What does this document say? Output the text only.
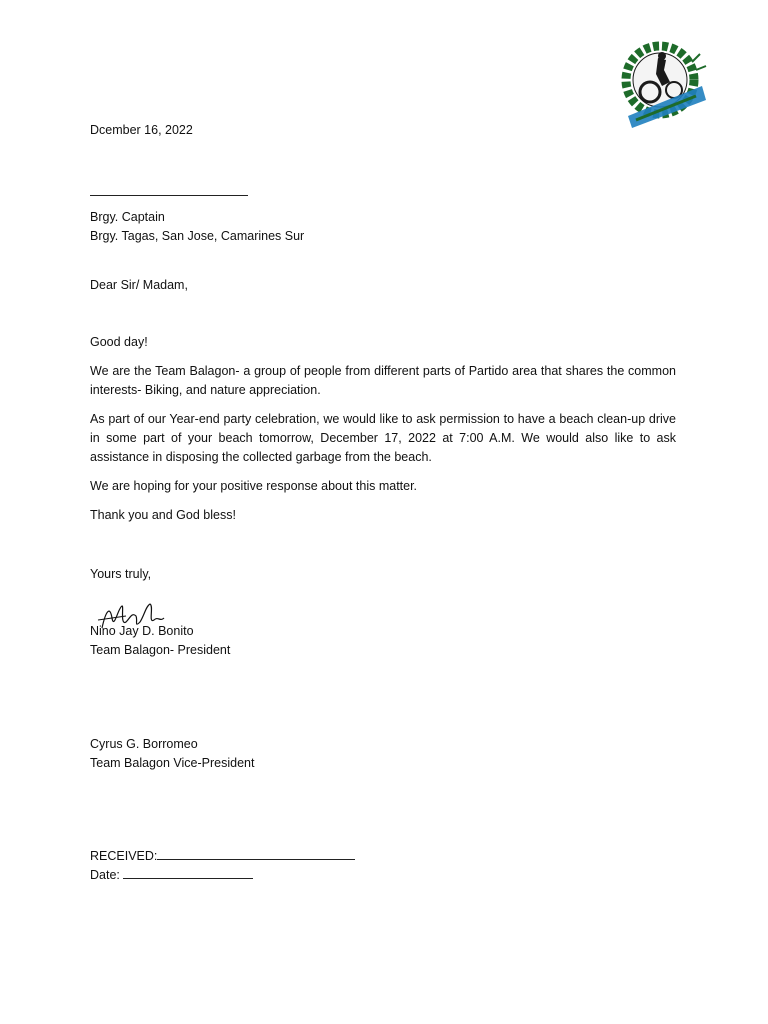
Dcember 16, 2022
Brgy. Captain
Brgy. Tagas, San Jose, Camarines Sur
Dear Sir/ Madam,

Good day!

We are the Team Balagon- a group of people from different parts of Partido area that shares the common interests- Biking, and nature appreciation.

As part of our Year-end party celebration, we would like to ask permission to have a beach clean-up drive in some part of your beach tomorrow, December 17, 2022 at 7:00 A.M. We would also like to ask assistance in disposing the collected garbage from the beach.

We are hoping for your positive response about this matter.

Thank you and God bless!

Yours truly,
Nino Jay D. Bonito
Team Balagon- President
Cyrus G. Borromeo
Team Balagon Vice-President
RECEIVED:
Date:
